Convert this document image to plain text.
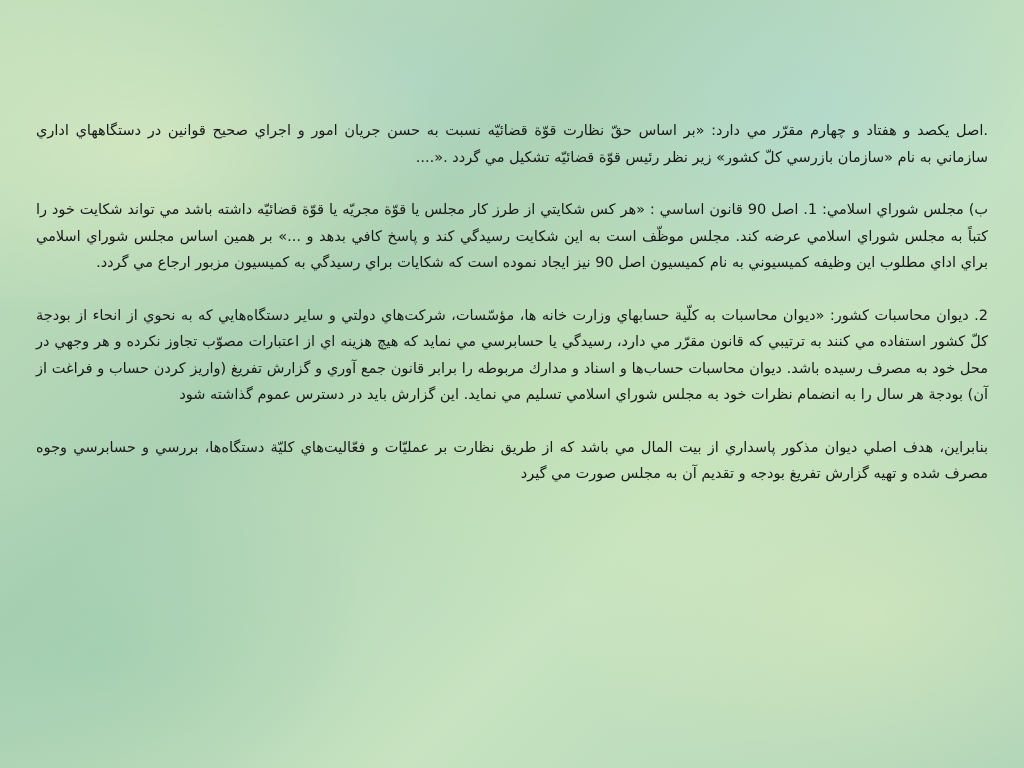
.اصل يكصد و هفتاد و چهارم مقرّر مي دارد: «بر اساس حقّ نظارت قوّة قضائيّه نسبت به حسن جريان امور و اجراي صحيح قوانين در دستگاههاي اداري سازماني به نام «سازمان بازرسي كلّ كشور» زير نظر رئيس قوّة قضائيّه تشكيل مي گردد .«....

ب) مجلس شوراي اسلامي: 1. اصل 90 قانون اساسي : «هر كس شكايتي از طرز كار مجلس يا قوّة مجريّه يا قوّة قضائيّه داشته باشد مي تواند شكايت خود را كتباً به مجلس شوراي اسلامي عرضه كند. مجلس موظّف است به اين شكايت رسيدگي كند و پاسخ كافي بدهد و ...» بر همين اساس مجلس شوراي اسلامي براي اداي مطلوب اين وظيفه كميسيوني به نام كميسيون اصل 90 نيز ايجاد نموده است كه شكايات براي رسيدگي به كميسيون مزبور ارجاع مي گردد.

2. ديوان محاسبات كشور: «ديوان محاسبات به كلّية حسابهاي وزارت خانه ها، مؤسّسات، شركت‌هاي دولتي و ساير دستگاه‌هايي كه به نحوي از انحاء از بودجة كلّ كشور استفاده مي كنند به ترتيبي كه قانون مقرّر مي دارد، رسيدگي يا حسابرسي مي نمايد كه هيچ هزينه اي از اعتبارات مصوّب تجاوز نكرده و هر وجهي در محل خود به مصرف رسيده باشد. ديوان محاسبات حساب‌ها و اسناد و مدارك مربوطه را برابر قانون جمع آوري و گزارش تفريغ (واريز كردن حساب و فراغت از آن) بودجة هر سال را به انضمام نظرات خود به مجلس شوراي اسلامي تسليم مي نمايد. اين گزارش بايد در دسترس عموم گذاشته شود

بنابراين، هدف اصلي ديوان مذكور پاسداري از بيت المال مي باشد كه از طريق نظارت بر عمليّات و فعّاليت‌هاي كليّة دستگاه‌ها، بررسي و حسابرسي وجوه مصرف شده و تهيه گزارش تفريغ بودجه و تقديم آن به مجلس صورت مي گيرد
